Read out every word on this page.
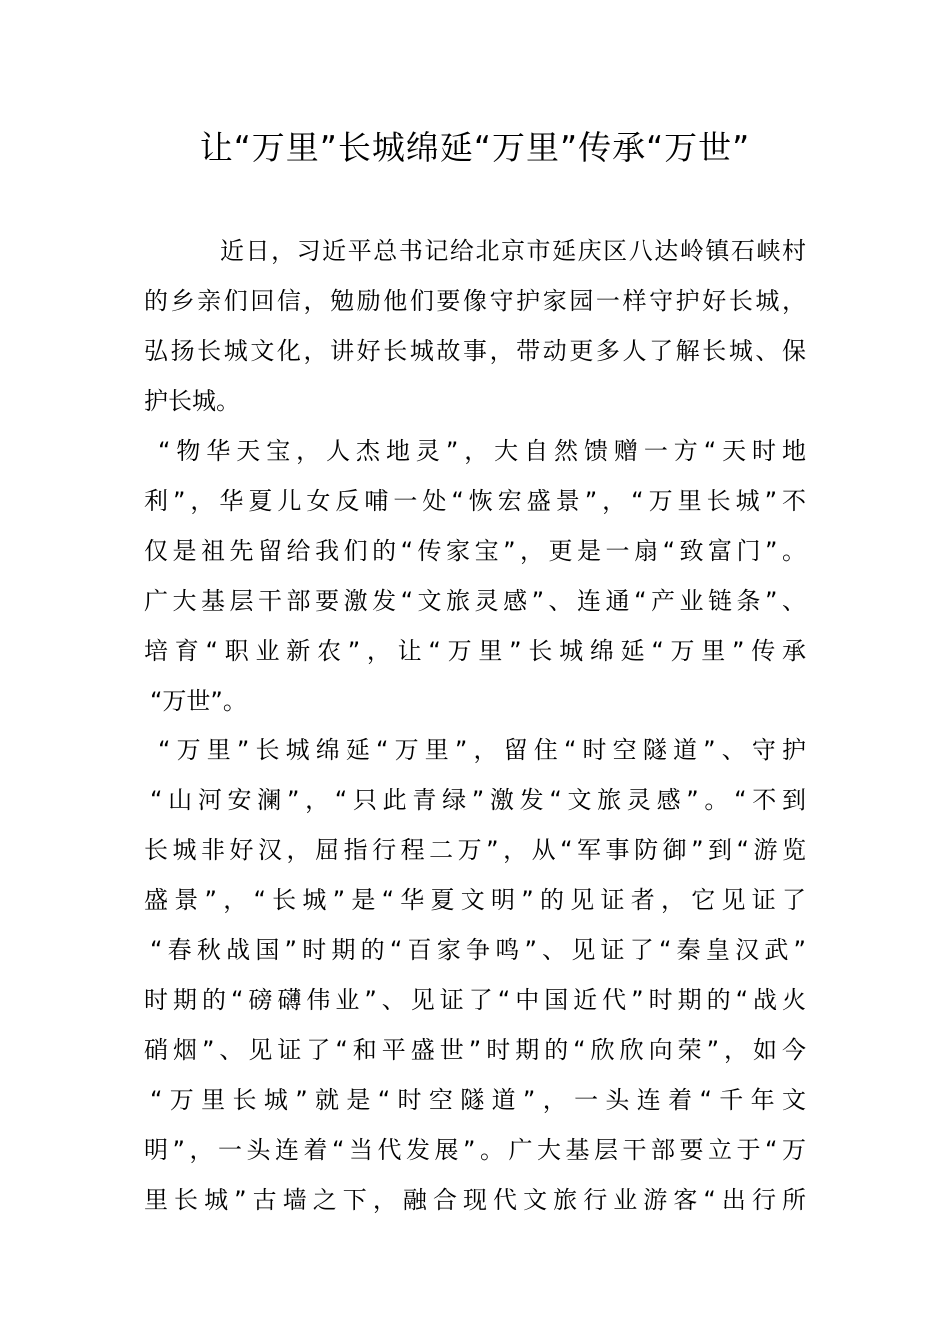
让“万里”长城绵延“万里”传承“万世”
近日，习近平总书记给北京市延庆区八达岭镇石峡村
的乡亲们回信，勉励他们要像守护家园一样守护好长城，
弘扬长城文化，讲好长城故事，带动更多人了解长城、保
护长城。
“物华天宝，人杰地灵”，大自然馈赠一方“天时地
利”，华夏儿女反哺一处“恢宏盛景”，“万里长城”不
仅是祖先留给我们的“传家宝”，更是一扇“致富门”。
广大基层干部要激发“文旅灵感”、连通“产业链条”、
培育“职业新农”，让“万里”长城绵延“万里”传承
“万世”。
“万里”长城绵延“万里”，留住“时空隧道”、守护
“山河安澜”，“只此青绿”激发“文旅灵感”。“不到
长城非好汉，屈指行程二万”，从“军事防御”到“游览
盛景”，“长城”是“华夏文明”的见证者，它见证了
“春秋战国”时期的“百家争鸣”、见证了“秦皇汉武”
时期的“磅礴伟业”、见证了“中国近代”时期的“战火
硝烟”、见证了“和平盛世”时期的“欣欣向荣”，如今
“万里长城”就是“时空隧道”，一头连着“千年文
明”，一头连着“当代发展”。广大基层干部要立于“万
里长城”古墙之下，融合现代文旅行业游客“出行所
